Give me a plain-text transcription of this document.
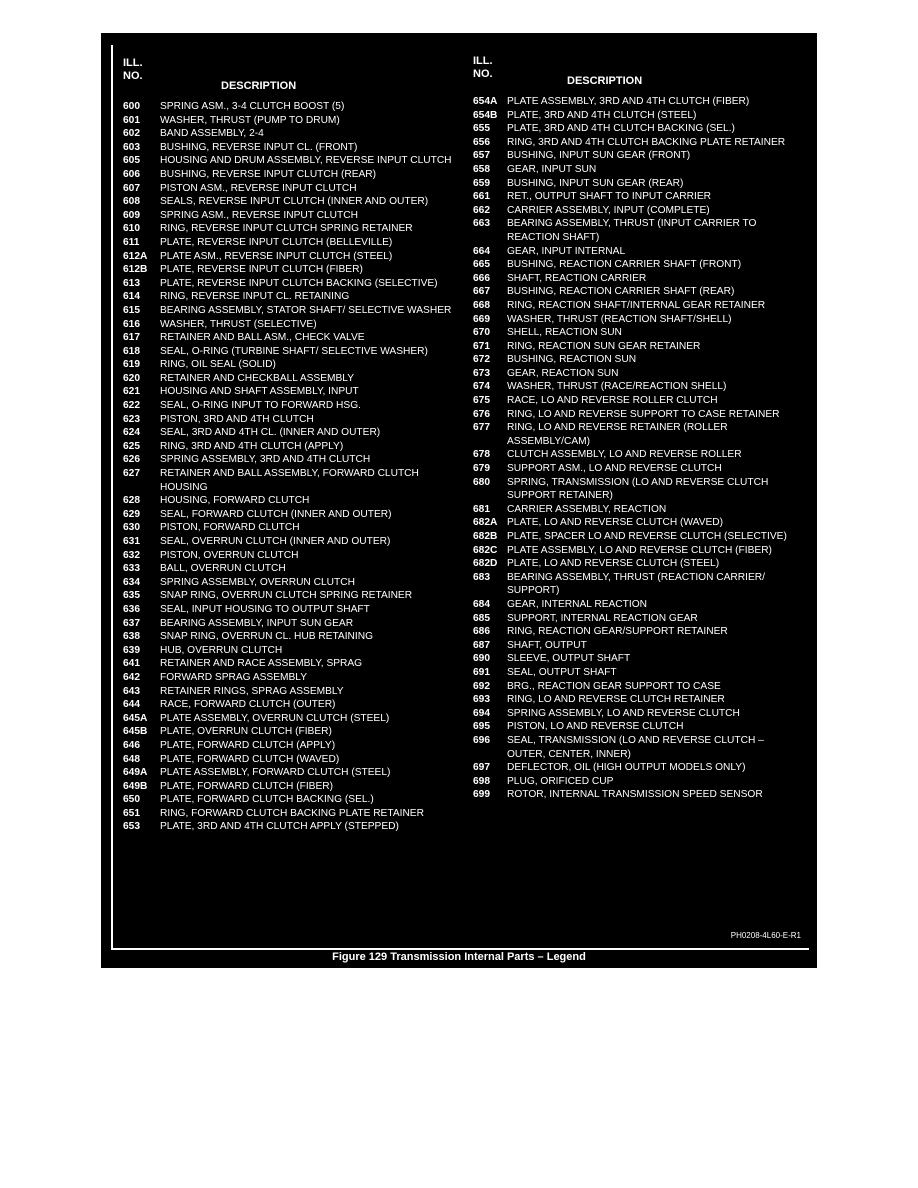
ILL.
NO.
DESCRIPTION
600	SPRING ASM., 3-4 CLUTCH BOOST (5)
601	WASHER, THRUST (PUMP TO DRUM)
602	BAND ASSEMBLY, 2-4
603	BUSHING, REVERSE INPUT CL. (FRONT)
605	HOUSING AND DRUM ASSEMBLY, REVERSE INPUT CLUTCH
606	BUSHING, REVERSE INPUT CLUTCH (REAR)
607	PISTON ASM., REVERSE INPUT CLUTCH
608	SEALS, REVERSE INPUT CLUTCH (INNER AND OUTER)
609	SPRING ASM., REVERSE INPUT CLUTCH
610	RING, REVERSE INPUT CLUTCH SPRING RETAINER
611	PLATE, REVERSE INPUT CLUTCH (BELLEVILLE)
612A	PLATE ASM., REVERSE INPUT CLUTCH (STEEL)
612B	PLATE, REVERSE INPUT CLUTCH (FIBER)
613	PLATE, REVERSE INPUT CLUTCH BACKING (SELECTIVE)
614	RING, REVERSE INPUT CL. RETAINING
615	BEARING ASSEMBLY, STATOR SHAFT/ SELECTIVE WASHER
616	WASHER, THRUST (SELECTIVE)
617	RETAINER AND BALL ASM., CHECK VALVE
618	SEAL, O-RING (TURBINE SHAFT/ SELECTIVE WASHER)
619	RING, OIL SEAL (SOLID)
620	RETAINER AND CHECKBALL ASSEMBLY
621	HOUSING AND SHAFT ASSEMBLY, INPUT
622	SEAL, O-RING INPUT TO FORWARD HSG.
623	PISTON, 3RD AND 4TH CLUTCH
624	SEAL, 3RD AND 4TH CL. (INNER AND OUTER)
625	RING, 3RD AND 4TH CLUTCH (APPLY)
626	SPRING ASSEMBLY, 3RD AND 4TH CLUTCH
627	RETAINER AND BALL ASSEMBLY, FORWARD CLUTCH HOUSING
628	HOUSING, FORWARD CLUTCH
629	SEAL, FORWARD CLUTCH (INNER AND OUTER)
630	PISTON, FORWARD CLUTCH
631	SEAL, OVERRUN CLUTCH (INNER AND OUTER)
632	PISTON, OVERRUN CLUTCH
633	BALL, OVERRUN CLUTCH
634	SPRING ASSEMBLY, OVERRUN CLUTCH
635	SNAP RING, OVERRUN CLUTCH SPRING RETAINER
636	SEAL, INPUT HOUSING TO OUTPUT SHAFT
637	BEARING ASSEMBLY, INPUT SUN GEAR
638	SNAP RING, OVERRUN CL. HUB RETAINING
639	HUB, OVERRUN CLUTCH
641	RETAINER AND RACE ASSEMBLY, SPRAG
642	FORWARD SPRAG ASSEMBLY
643	RETAINER RINGS, SPRAG ASSEMBLY
644	RACE, FORWARD CLUTCH (OUTER)
645A	PLATE ASSEMBLY, OVERRUN CLUTCH (STEEL)
645B	PLATE, OVERRUN CLUTCH (FIBER)
646	PLATE, FORWARD CLUTCH (APPLY)
648	PLATE, FORWARD CLUTCH (WAVED)
649A	PLATE ASSEMBLY, FORWARD CLUTCH (STEEL)
649B	PLATE, FORWARD CLUTCH (FIBER)
650	PLATE, FORWARD CLUTCH BACKING (SEL.)
651	RING, FORWARD CLUTCH BACKING PLATE RETAINER
653	PLATE, 3RD AND 4TH CLUTCH APPLY (STEPPED)
ILL.
NO.
DESCRIPTION
654A PLATE ASSEMBLY, 3RD AND 4TH CLUTCH (FIBER)
654B PLATE, 3RD AND 4TH CLUTCH (STEEL)
655	PLATE, 3RD AND 4TH CLUTCH BACKING (SEL.)
656	RING, 3RD AND 4TH CLUTCH BACKING PLATE RETAINER
657	BUSHING, INPUT SUN GEAR (FRONT)
658	GEAR, INPUT SUN
659	BUSHING, INPUT SUN GEAR (REAR)
661	RET., OUTPUT SHAFT TO INPUT CARRIER
662	CARRIER ASSEMBLY, INPUT (COMPLETE)
663	BEARING ASSEMBLY, THRUST (INPUT CARRIER TO REACTION SHAFT)
664	GEAR, INPUT INTERNAL
665	BUSHING, REACTION CARRIER SHAFT (FRONT)
666	SHAFT, REACTION CARRIER
667	BUSHING, REACTION CARRIER SHAFT (REAR)
668	RING, REACTION SHAFT/INTERNAL GEAR RETAINER
669	WASHER, THRUST (REACTION SHAFT/SHELL)
670	SHELL, REACTION SUN
671	RING, REACTION SUN GEAR RETAINER
672	BUSHING, REACTION SUN
673	GEAR, REACTION SUN
674	WASHER, THRUST (RACE/REACTION SHELL)
675	RACE, LO AND REVERSE ROLLER CLUTCH
676	RING, LO AND REVERSE SUPPORT TO CASE RETAINER
677	RING, LO AND REVERSE RETAINER (ROLLER ASSEMBLY/CAM)
678	CLUTCH ASSEMBLY, LO AND REVERSE ROLLER
679	SUPPORT ASM., LO AND REVERSE CLUTCH
680	SPRING, TRANSMISSION (LO AND REVERSE CLUTCH SUPPORT RETAINER)
681	CARRIER ASSEMBLY, REACTION
682A PLATE, LO AND REVERSE CLUTCH (WAVED)
682B PLATE, SPACER LO AND REVERSE CLUTCH (SELECTIVE)
682C PLATE ASSEMBLY, LO AND REVERSE CLUTCH (FIBER)
682D PLATE, LO AND REVERSE CLUTCH (STEEL)
683	BEARING ASSEMBLY, THRUST (REACTION CARRIER/ SUPPORT)
684	GEAR, INTERNAL REACTION
685	SUPPORT, INTERNAL REACTION GEAR
686	RING, REACTION GEAR/SUPPORT RETAINER
687	SHAFT, OUTPUT
690	SLEEVE, OUTPUT SHAFT
691	SEAL, OUTPUT SHAFT
692	BRG., REACTION GEAR SUPPORT TO CASE
693	RING, LO AND REVERSE CLUTCH RETAINER
694	SPRING ASSEMBLY, LO AND REVERSE CLUTCH
695	PISTON, LO AND REVERSE CLUTCH
696	SEAL, TRANSMISSION (LO AND REVERSE CLUTCH – OUTER, CENTER, INNER)
697	DEFLECTOR, OIL (HIGH OUTPUT MODELS ONLY)
698	PLUG, ORIFICED CUP
699	ROTOR, INTERNAL TRANSMISSION SPEED SENSOR
PH0208-4L60-E-R1
Figure 129 Transmission Internal Parts – Legend
